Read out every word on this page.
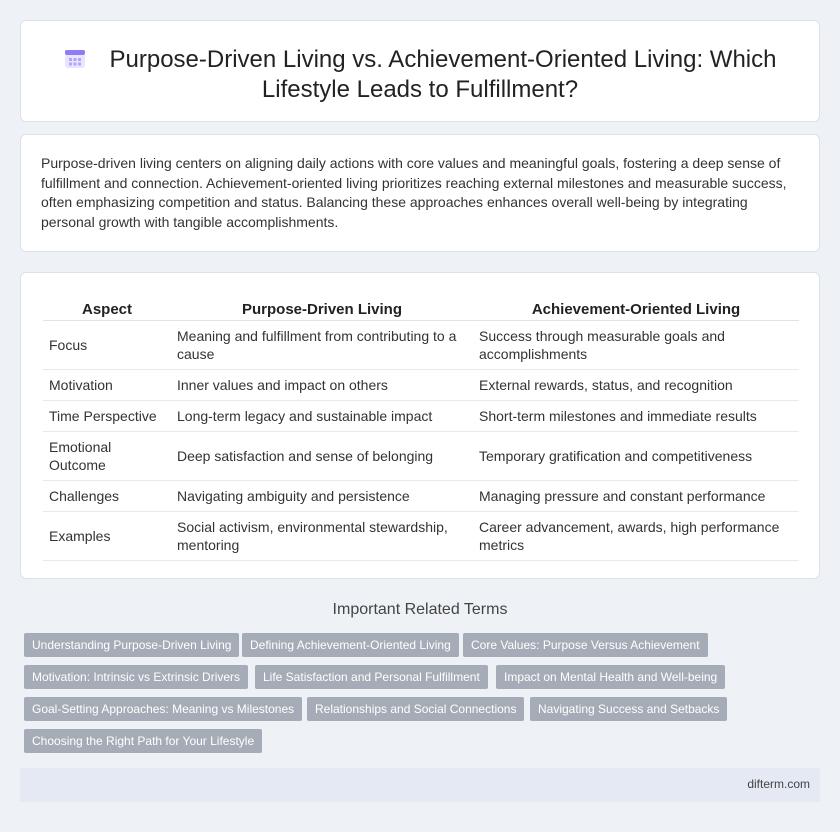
Purpose-Driven Living vs. Achievement-Oriented Living: Which Lifestyle Leads to Fulfillment?

Purpose-driven living centers on aligning daily actions with core values and meaningful goals, fostering a deep sense of fulfillment and connection. Achievement-oriented living prioritizes reaching external milestones and measurable success, often emphasizing competition and status. Balancing these approaches enhances overall well-being by integrating personal growth with tangible accomplishments.

Aspect	Purpose-Driven Living	Achievement-Oriented Living
Focus	Meaning and fulfillment from contributing to a cause	Success through measurable goals and accomplishments
Motivation	Inner values and impact on others	External rewards, status, and recognition
Time Perspective	Long-term legacy and sustainable impact	Short-term milestones and immediate results
Emotional Outcome	Deep satisfaction and sense of belonging	Temporary gratification and competitiveness
Challenges	Navigating ambiguity and persistence	Managing pressure and constant performance
Examples	Social activism, environmental stewardship, mentoring	Career advancement, awards, high performance metrics
Important Related Terms
Understanding Purpose-Driven Living	Defining Achievement-Oriented Living	Core Values: Purpose Versus Achievement
Motivation: Intrinsic vs Extrinsic Drivers	Life Satisfaction and Personal Fulfillment	Impact on Mental Health and Well-being
Goal-Setting Approaches: Meaning vs Milestones	Relationships and Social Connections	Navigating Success and Setbacks
Choosing the Right Path for Your Lifestyle
difterm.com
